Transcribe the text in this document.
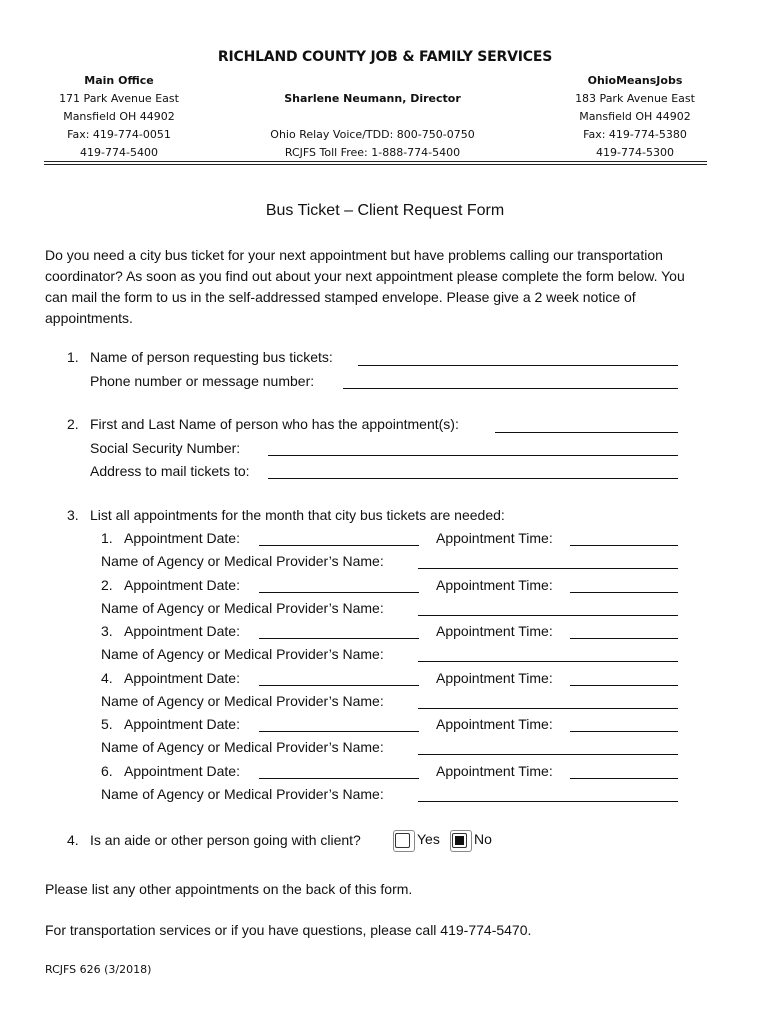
RICHLAND COUNTY JOB & FAMILY SERVICES
Main Office
171 Park Avenue East
Mansfield OH 44902
Fax: 419-774-0051
419-774-5400
Sharlene Neumann, Director
Ohio Relay Voice/TDD: 800-750-0750
RCJFS Toll Free: 1-888-774-5400
OhioMeansJobs
183 Park Avenue East
Mansfield OH 44902
Fax: 419-774-5380
419-774-5300
Bus Ticket – Client Request Form
Do you need a city bus ticket for your next appointment but have problems calling our transportation coordinator? As soon as you find out about your next appointment please complete the form below. You can mail the form to us in the self-addressed stamped envelope. Please give a 2 week notice of appointments.
1. Name of person requesting bus tickets:
Phone number or message number:
2. First and Last Name of person who has the appointment(s):
Social Security Number:
Address to mail tickets to:
3. List all appointments for the month that city bus tickets are needed:
1. Appointment Date:	Appointment Time:
Name of Agency or Medical Provider’s Name:
2. Appointment Date:	Appointment Time:
Name of Agency or Medical Provider’s Name:
3. Appointment Date:	Appointment Time:
Name of Agency or Medical Provider’s Name:
4. Appointment Date:	Appointment Time:
Name of Agency or Medical Provider’s Name:
5. Appointment Date:	Appointment Time:
Name of Agency or Medical Provider’s Name:
6. Appointment Date:	Appointment Time:
Name of Agency or Medical Provider’s Name:
4. Is an aide or other person going with client?	Yes	No
Please list any other appointments on the back of this form.
For transportation services or if you have questions, please call 419-774-5470.
RCJFS 626 (3/2018)
